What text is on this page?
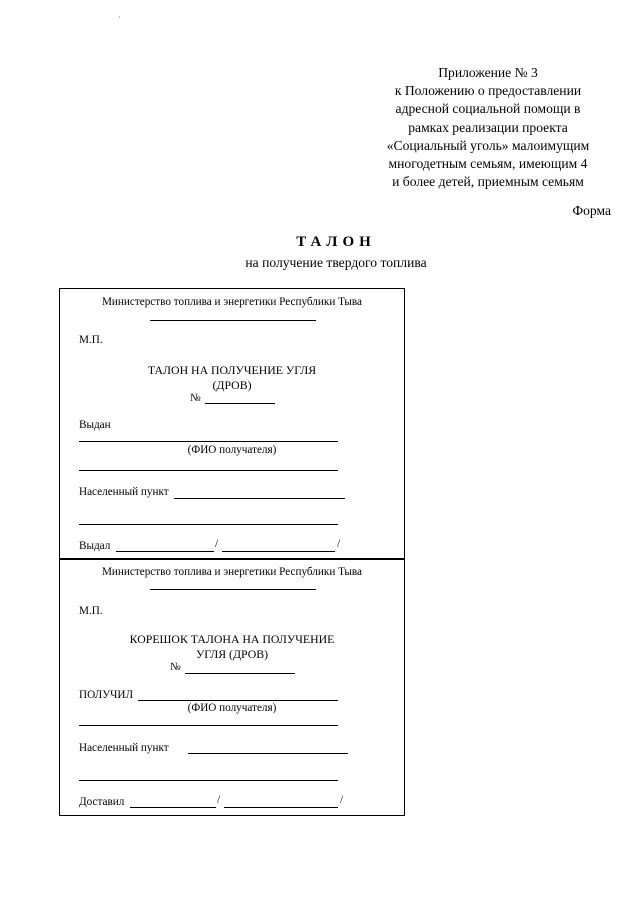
·
Приложение № 3
к Положению о предоставлении
адресной социальной помощи в
рамках реализации проекта
«Социальный уголь» малоимущим
многодетным семьям, имеющим 4
и более детей, приемным семьям
Форма
ТАЛОН
на получение твердого топлива
Министерство топлива и энергетики Республики Тыва
М.П.
ТАЛОН НА ПОЛУЧЕНИЕ УГЛЯ
(ДРОВ)
№
Выдан
(ФИО получателя)
Населенный пункт
Выдал	/	/
Министерство топлива и энергетики Республики Тыва
М.П.
КОРЕШОК ТАЛОНА НА ПОЛУЧЕНИЕ
УГЛЯ (ДРОВ)
№
ПОЛУЧИЛ
(ФИО получателя)
Населенный пункт
Доставил	/	/
